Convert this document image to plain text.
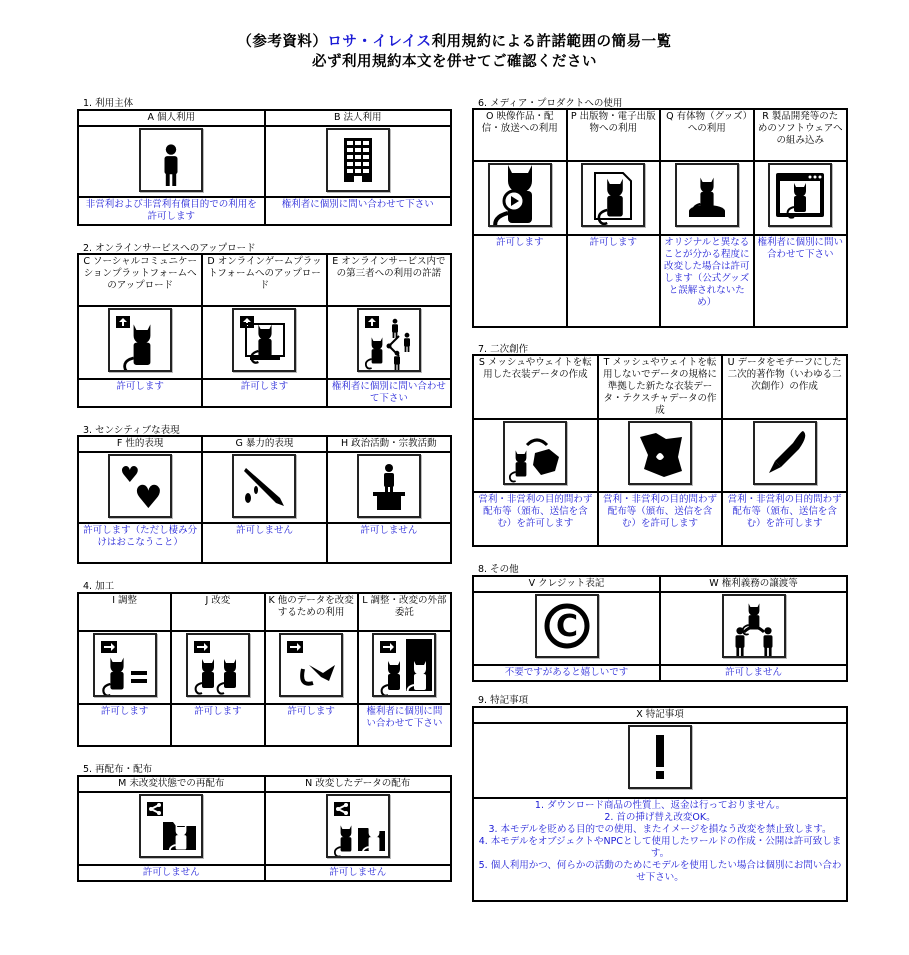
（参考資料）ロサ・イレイス利用規約による許諾範囲の簡易一覧
必ず利用規約本文を併せてご確認ください
1. 利用主体
A 個人利用	B 法人利用

非営利および非営利有償目的での利用を許可します	権利者に個別に問い合わせて下さい
2. オンラインサービスへのアップロード
C ソーシャルコミュニケーションプラットフォームへのアップロード	D オンラインゲームプラットフォームへのアップロード	E オンラインサービス内での第三者への利用の許諾

許可します	許可します	権利者に個別に問い合わせて下さい
3. センシティブな表現
F 性的表現	G 暴力的表現	H 政治活動・宗教活動

♥
♥

許可します（ただし棲み分けはおこなうこと）	許可しません	許可しません
4. 加工
I 調整	J 改変	K 他のデータを改変するための利用	L 調整・改変の外部委託

許可します	許可します	許可します	権利者に個別に問い合わせて下さい
5. 再配布・配布
M 未改変状態での再配布	N 改変したデータの配布

許可しません	許可しません
6. メディア・プロダクトへの使用
O 映像作品・配信・放送への利用	P 出版物・電子出版物への利用	Q 有体物（グッズ）への利用	R 製品開発等のためのソフトウェアへの組み込み

許可します	許可します	オリジナルと異なることが分かる程度に改変した場合は許可します（公式グッズと誤解されないため）	権利者に個別に問い合わせて下さい
7. 二次創作
S メッシュやウェイトを転用した衣装データの作成	T メッシュやウェイトを転用しないでデータの規格に準拠した新たな衣装データ・テクスチャデータの作成	U データをモチーフにした二次的著作物（いわゆる二次創作）の作成

営利・非営利の目的問わず配布等（頒布、送信を含む）を許可します	営利・非営利の目的問わず配布等（頒布、送信を含む）を許可します	営利・非営利の目的問わず配布等（頒布、送信を含む）を許可します
8. その他
V クレジット表記	W 権利義務の譲渡等

C

不要ですがあると嬉しいです	許可しません
9. 特記事項
X 特記事項

1. ダウンロード商品の性質上、返金は行っておりません。
2. 首の挿げ替え改変OK。
3. 本モデルを貶める目的での使用、またイメージを損なう改変を禁止致します。
4. 本モデルをオブジェクトやNPCとして使用したワールドの作成・公開は許可致します。
5. 個人利用かつ、何らかの活動のためにモデルを使用したい場合は個別にお問い合わせ下さい。
